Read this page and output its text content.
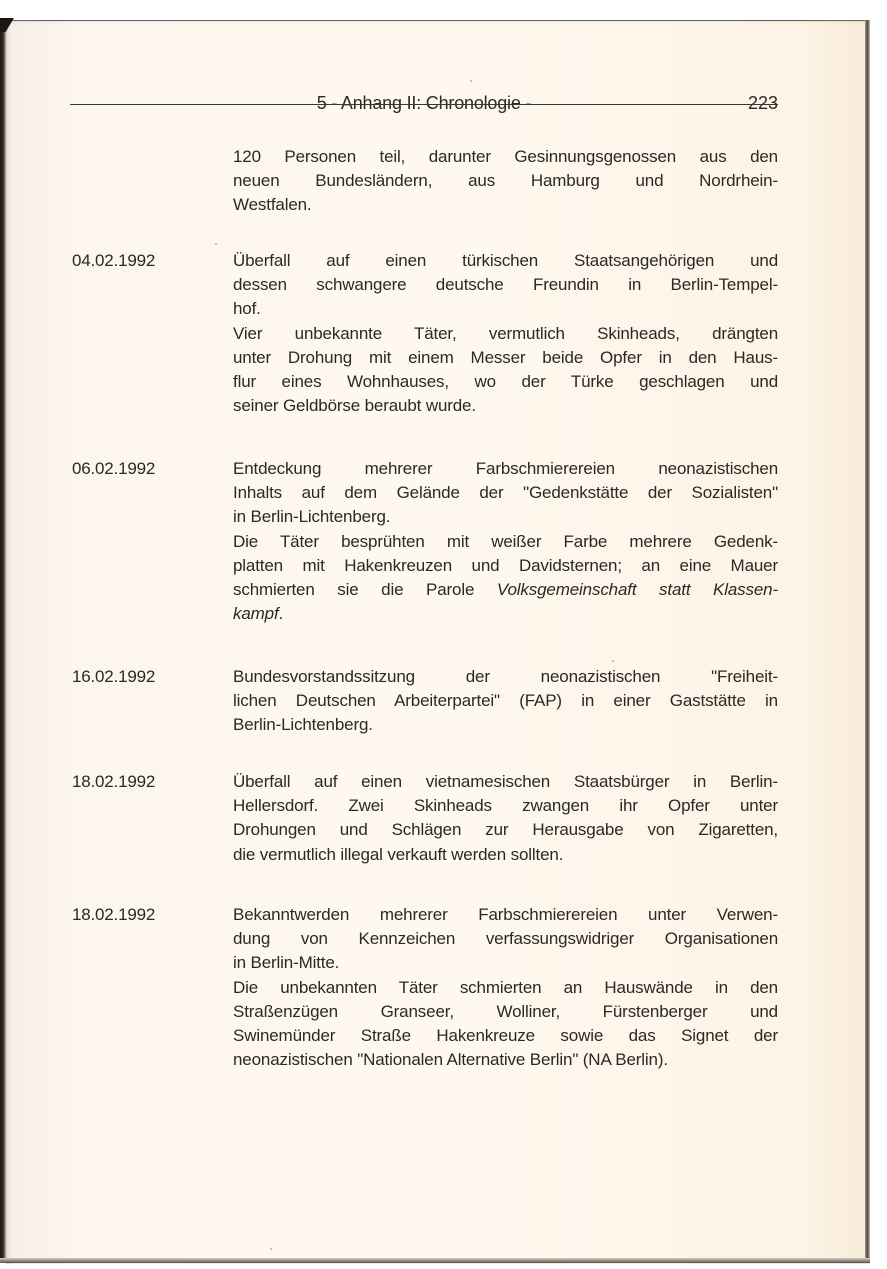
5 - Anhang II: Chronologie -	223

120 Personen teil, darunter Gesinnungsgenossen aus den

neuen Bundesländern, aus Hamburg und Nordrhein-

Westfalen.

04.02.1992	Überfall auf einen türkischen Staatsangehörigen und

dessen schwangere deutsche Freundin in Berlin-Tempel-

hof.

Vier unbekannte Täter, vermutlich Skinheads, drängten

unter Drohung mit einem Messer beide Opfer in den Haus-

flur eines Wohnhauses, wo der Türke geschlagen und

seiner Geldbörse beraubt wurde.

06.02.1992	Entdeckung mehrerer Farbschmierereien neonazistischen

Inhalts auf dem Gelände der "Gedenkstätte der Sozialisten"

in Berlin-Lichtenberg.

Die Täter besprühten mit weißer Farbe mehrere Gedenk-

platten mit Hakenkreuzen und Davidsternen; an eine Mauer

schmierten sie die Parole Volksgemeinschaft statt Klassen-

kampf.

16.02.1992	Bundesvorstandssitzung der neonazistischen "Freiheit-

lichen Deutschen Arbeiterpartei" (FAP) in einer Gaststätte in

Berlin-Lichtenberg.

18.02.1992	Überfall auf einen vietnamesischen Staatsbürger in Berlin-

Hellersdorf. Zwei Skinheads zwangen ihr Opfer unter

Drohungen und Schlägen zur Herausgabe von Zigaretten,

die vermutlich illegal verkauft werden sollten.

18.02.1992	Bekanntwerden mehrerer Farbschmierereien unter Verwen-

dung von Kennzeichen verfassungswidriger Organisationen

in Berlin-Mitte.

Die unbekannten Täter schmierten an Hauswände in den

Straßenzügen Granseer, Wolliner, Fürstenberger und

Swinemünder Straße Hakenkreuze sowie das Signet der

neonazistischen "Nationalen Alternative Berlin" (NA Berlin).
